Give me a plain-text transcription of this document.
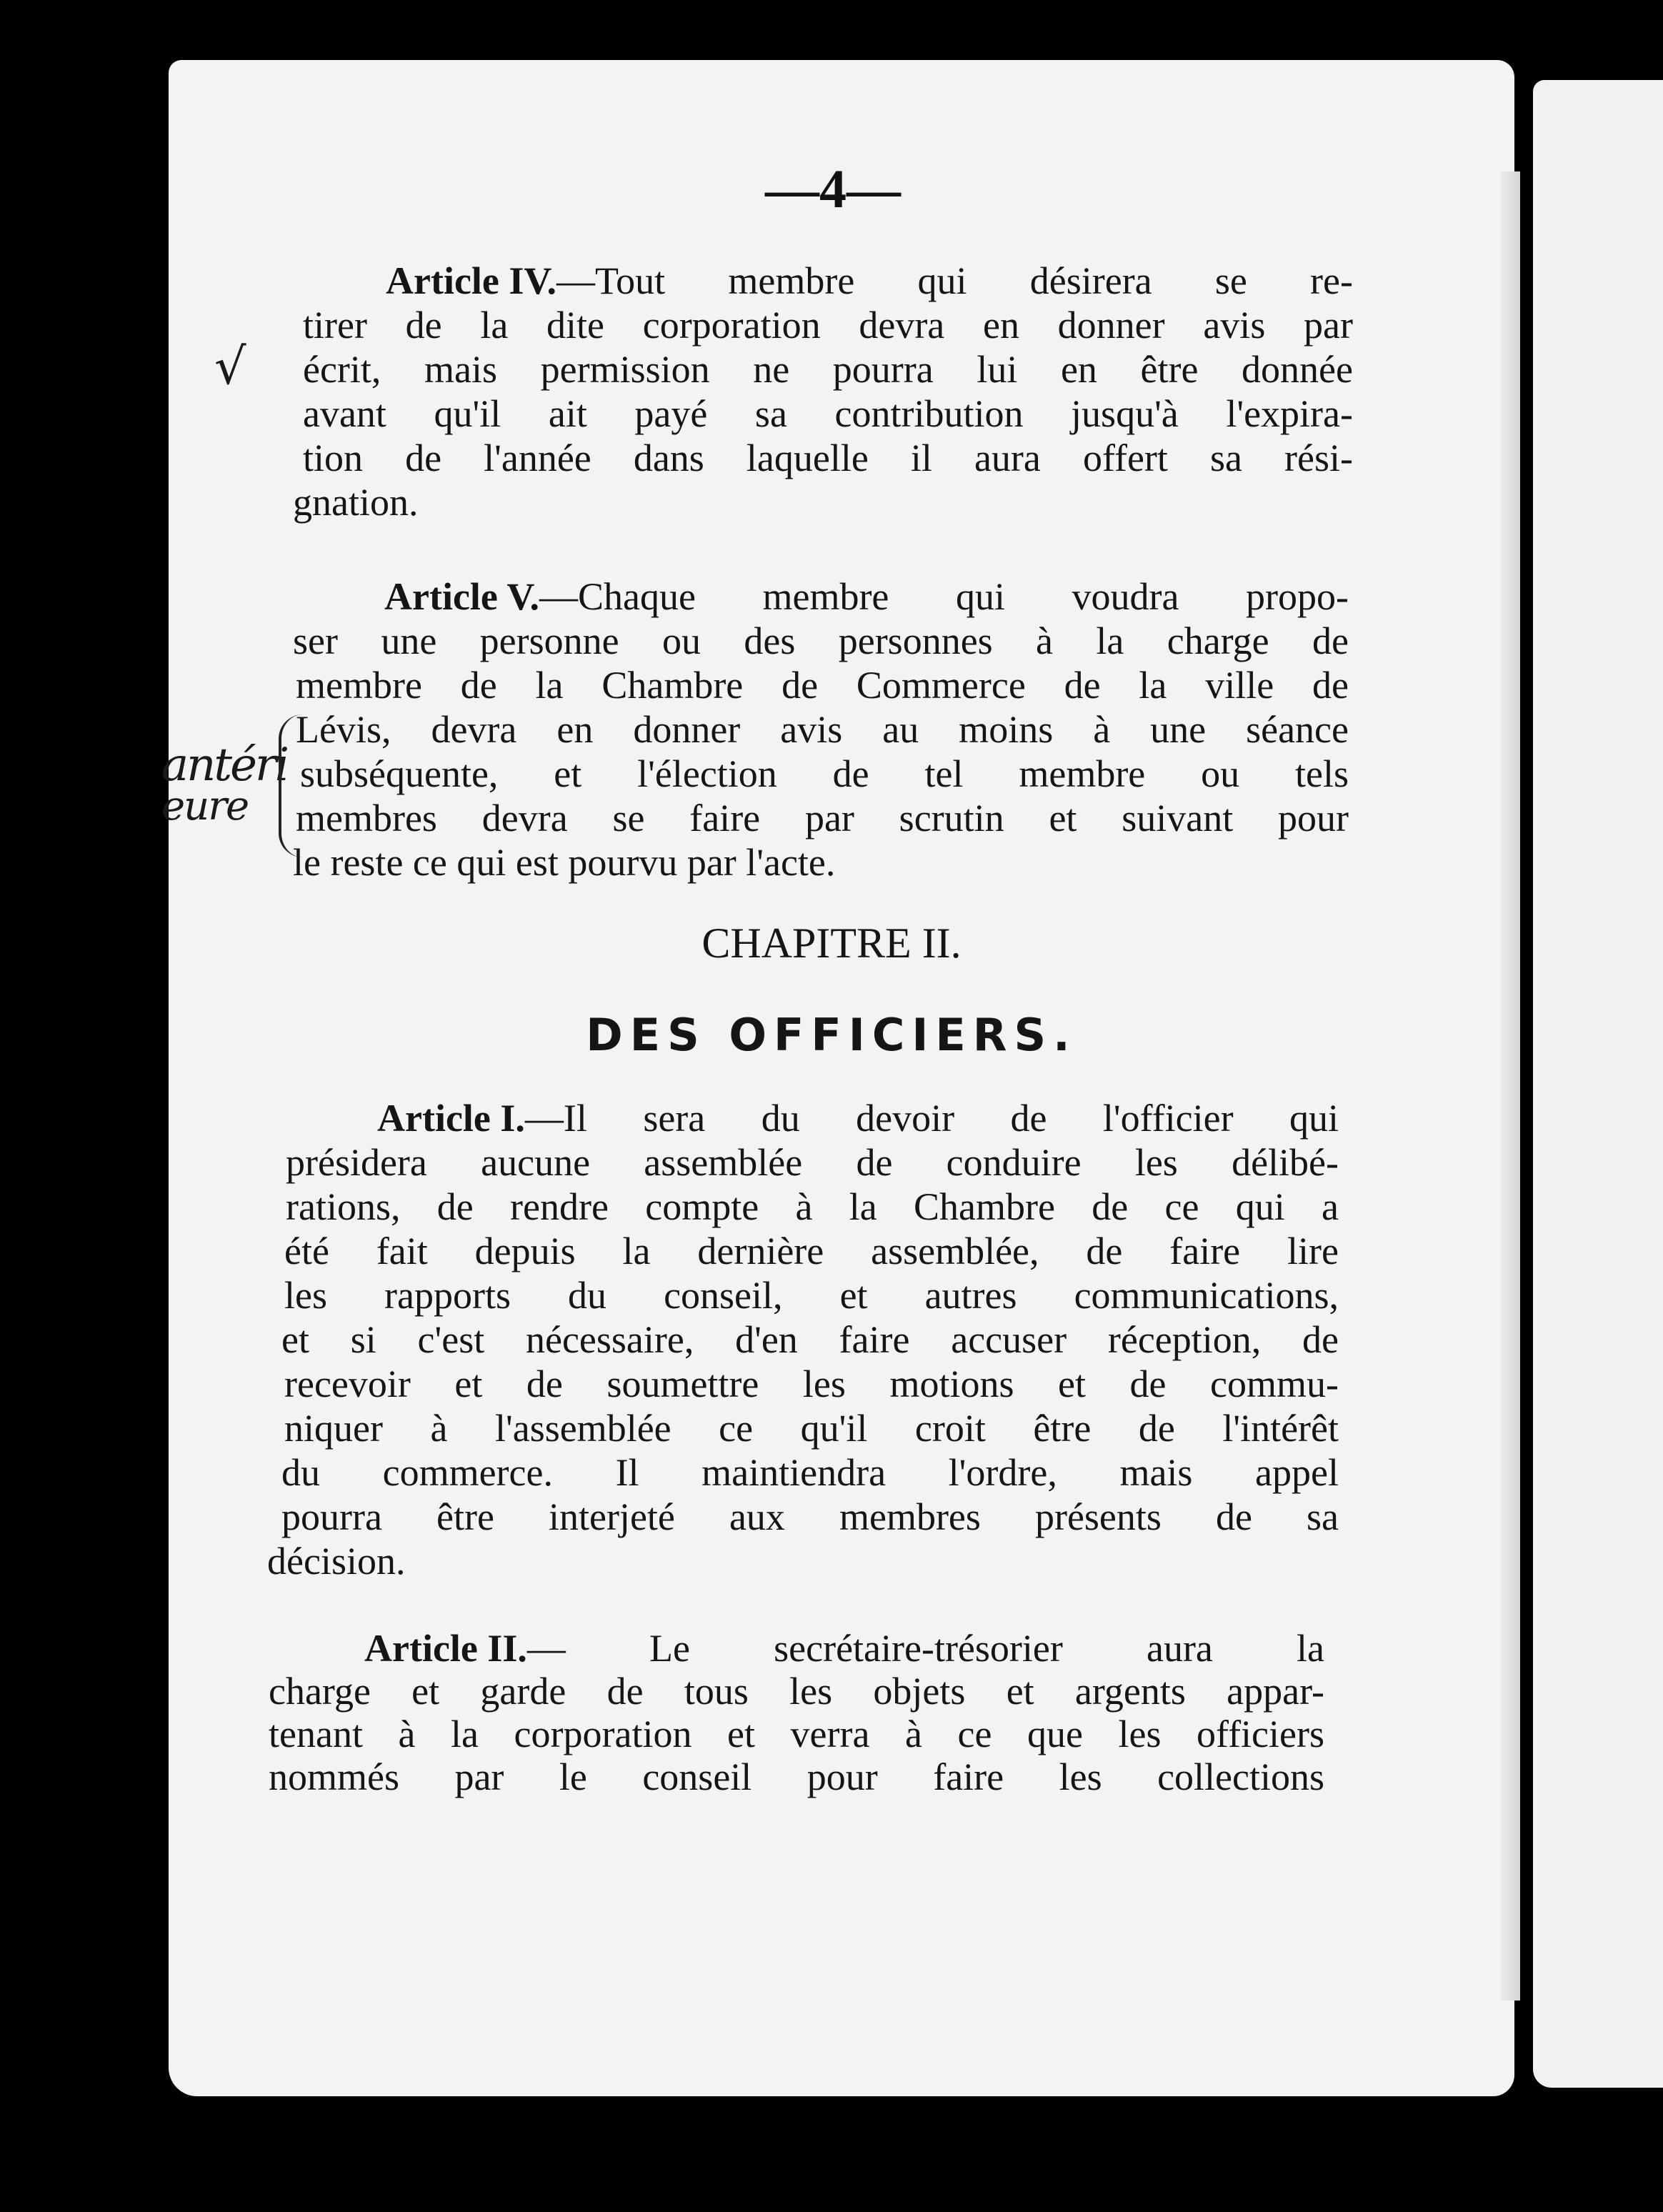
—4—
Article IV. —Tout membre qui désirera se re-
tirer de la dite corporation devra en donner avis par
écrit, mais permission ne pourra lui en être donnée
avant qu'il ait payé sa contribution jusqu'à l'expira-
tion de l'année dans laquelle il aura offert sa rési-
gnation.
Article V. —Chaque membre qui voudra propo-
ser une personne ou des personnes à la charge de
membre de la Chambre de Commerce de la ville de
Lévis, devra en donner avis au moins à une séance
subséquente, et l'élection de tel membre ou tels
membres devra se faire par scrutin et suivant pour
le reste ce qui est pourvu par l'acte.
Article I. —Il sera du devoir de l'officier qui
présidera aucune assemblée de conduire les délibé-
rations, de rendre compte à la Chambre de ce qui a
été fait depuis la dernière assemblée, de faire lire
les rapports du conseil, et autres communications,
et si c'est nécessaire, d'en faire accuser réception, de
recevoir et de soumettre les motions et de commu-
niquer à l'assemblée ce qu'il croit être de l'intérêt
du commerce. Il maintiendra l'ordre, mais appel
pourra être interjeté aux membres présents de sa
décision.
Article II. — Le secrétaire-trésorier aura la
charge et garde de tous les objets et argents appar-
tenant à la corporation et verra à ce que les officiers
nommés par le conseil pour faire les collections
CHAPITRE II.
DES OFFICIERS.
√
antéri
eure
